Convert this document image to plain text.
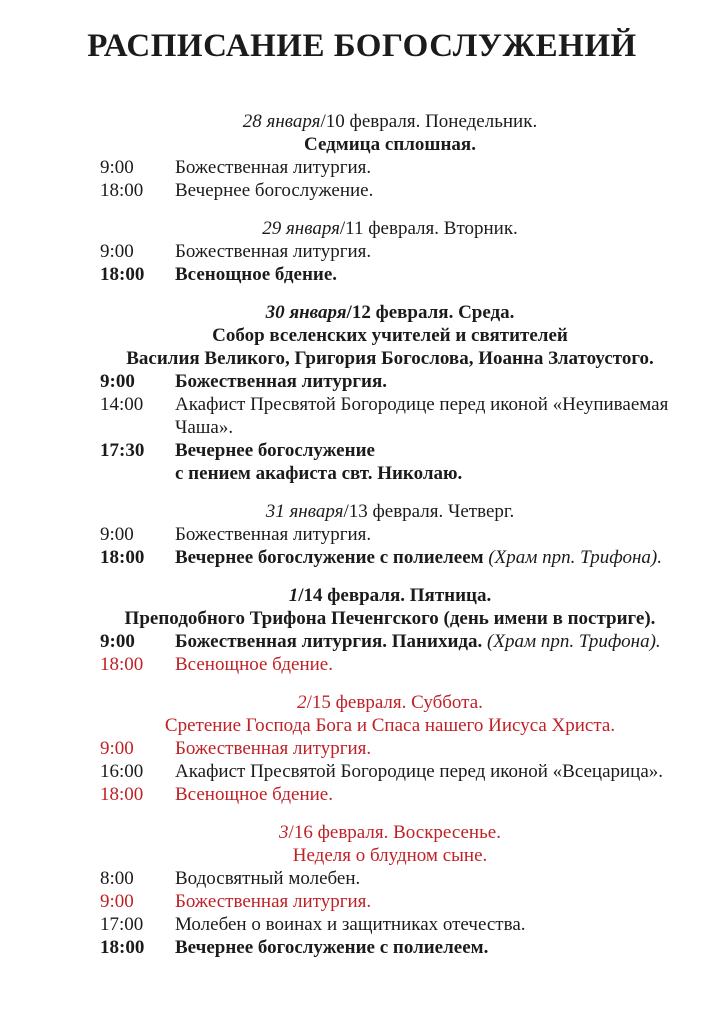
РАСПИСАНИЕ БОГОСЛУЖЕНИЙ
28 января/10 февраля. Понедельник.
Седмица сплошная.
9:00	Божественная литургия.
18:00	Вечернее богослужение.
29 января/11 февраля. Вторник.
9:00	Божественная литургия.
18:00	Всенощное бдение.
30 января/12 февраля. Среда.
Собор вселенских учителей и святителей
Василия Великого, Григория Богослова, Иоанна Златоустого.
9:00	Божественная литургия.
14:00	Акафист Пресвятой Богородице перед иконой «Неупиваемая Чаша».
17:30	Вечернее богослужение
с пением акафиста свт. Николаю.
31 января/13 февраля. Четверг.
9:00	Божественная литургия.
18:00	Вечернее богослужение с полиелеем (Храм прп. Трифона).
1/14 февраля. Пятница.
Преподобного Трифона Печенгского (день имени в постриге).
9:00	Божественная литургия. Панихида. (Храм прп. Трифона).
18:00	Всенощное бдение.
2/15 февраля. Суббота.
Сретение Господа Бога и Спаса нашего Иисуса Христа.
9:00	Божественная литургия.
16:00	Акафист Пресвятой Богородице перед иконой «Всецарица».
18:00	Всенощное бдение.
3/16 февраля. Воскресенье.
Неделя о блудном сыне.
8:00	Водосвятный молебен.
9:00	Божественная литургия.
17:00	Молебен о воинах и защитниках отечества.
18:00	Вечернее богослужение с полиелеем.
